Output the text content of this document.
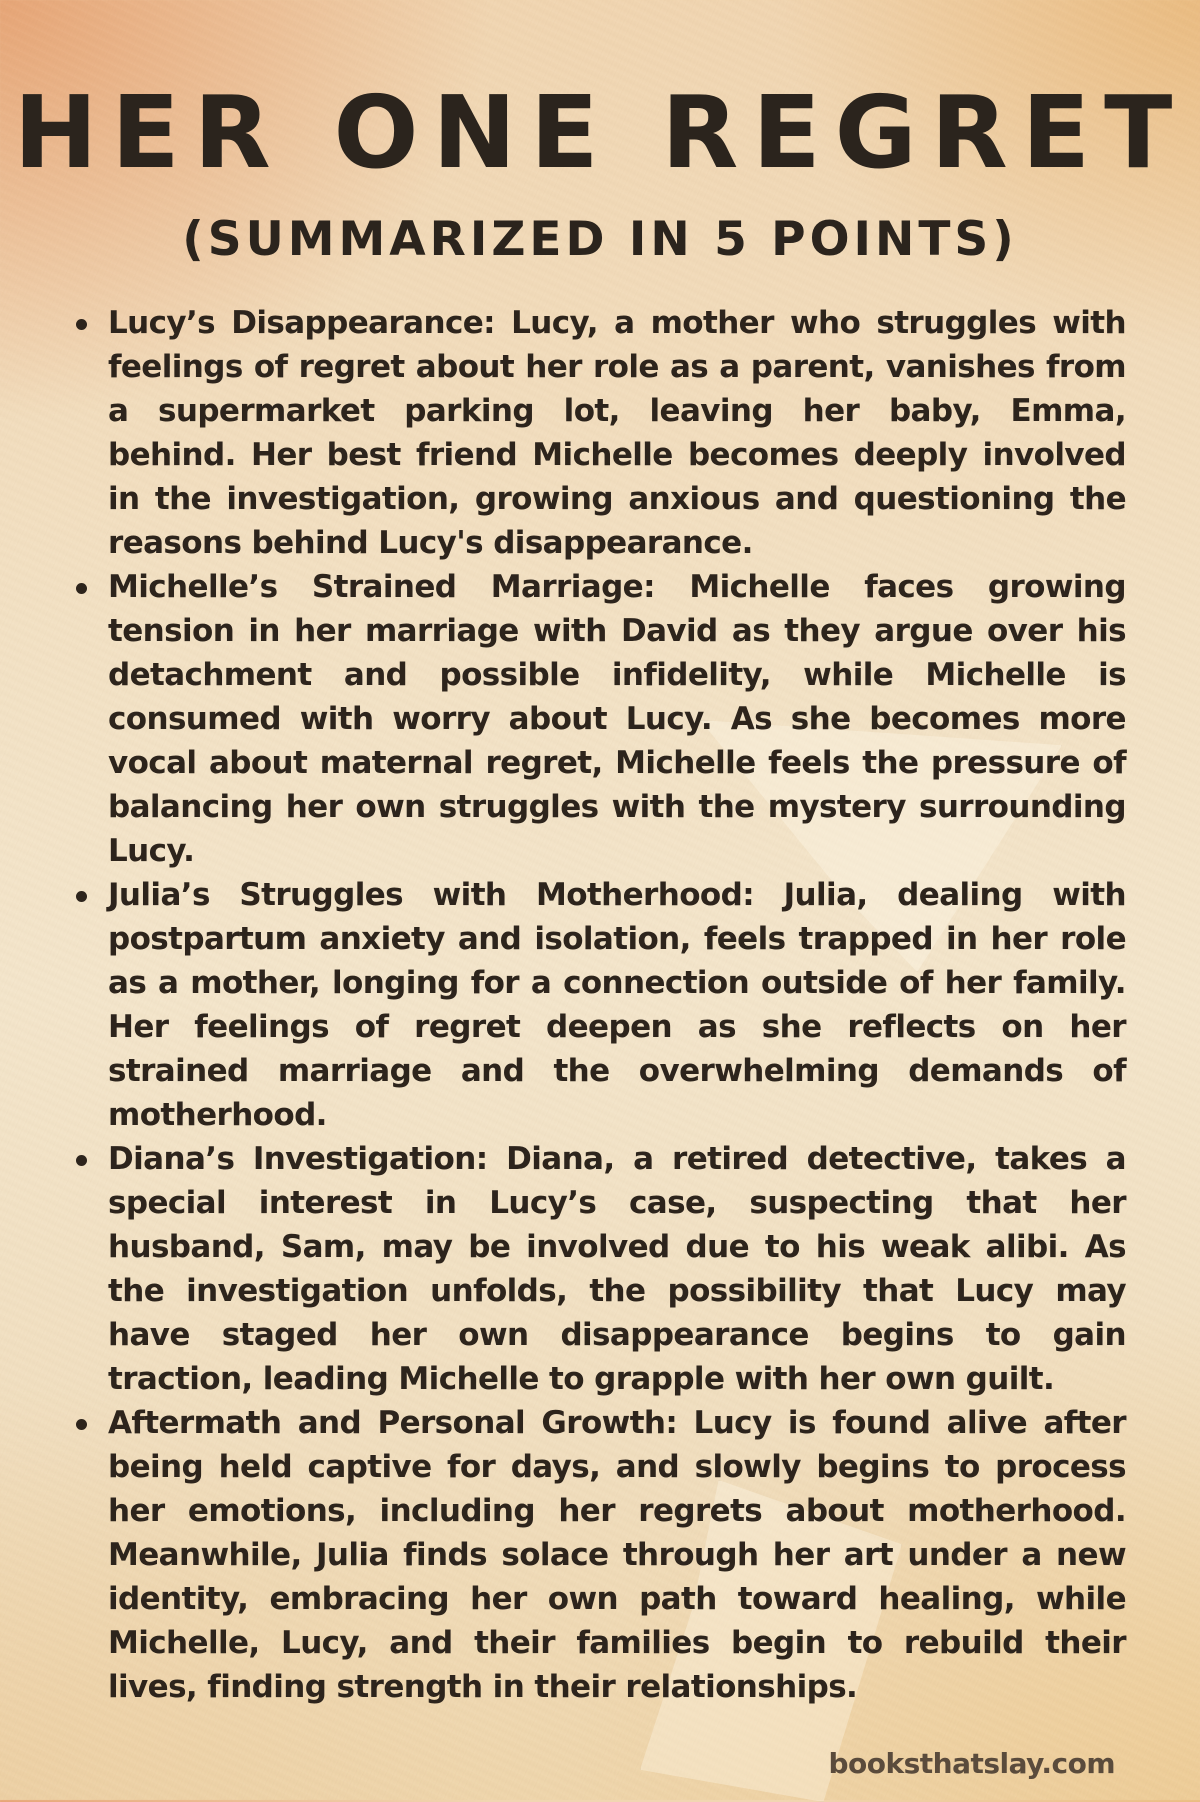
HER ONE REGRET
(SUMMARIZED IN 5 POINTS)
Lucy’s Disappearance: Lucy, a mother who struggles with feelings of regret about her role as a parent, vanishes from a supermarket parking lot, leaving her baby, Emma, behind. Her best friend Michelle becomes deeply involved in the investigation, growing anxious and questioning the reasons behind Lucy's disappearance.
Michelle’s Strained Marriage: Michelle faces growing tension in her marriage with David as they argue over his detachment and possible infidelity, while Michelle is consumed with worry about Lucy. As she becomes more vocal about maternal regret, Michelle feels the pressure of balancing her own struggles with the mystery surrounding Lucy.
Julia’s Struggles with Motherhood: Julia, dealing with postpartum anxiety and isolation, feels trapped in her role as a mother, longing for a connection outside of her family. Her feelings of regret deepen as she reflects on her strained marriage and the overwhelming demands of motherhood.
Diana’s Investigation: Diana, a retired detective, takes a special interest in Lucy’s case, suspecting that her husband, Sam, may be involved due to his weak alibi. As the investigation unfolds, the possibility that Lucy may have staged her own disappearance begins to gain traction, leading Michelle to grapple with her own guilt.
Aftermath and Personal Growth: Lucy is found alive after being held captive for days, and slowly begins to process her emotions, including her regrets about motherhood. Meanwhile, Julia finds solace through her art under a new identity, embracing her own path toward healing, while Michelle, Lucy, and their families begin to rebuild their lives, finding strength in their relationships.
booksthatslay.com
